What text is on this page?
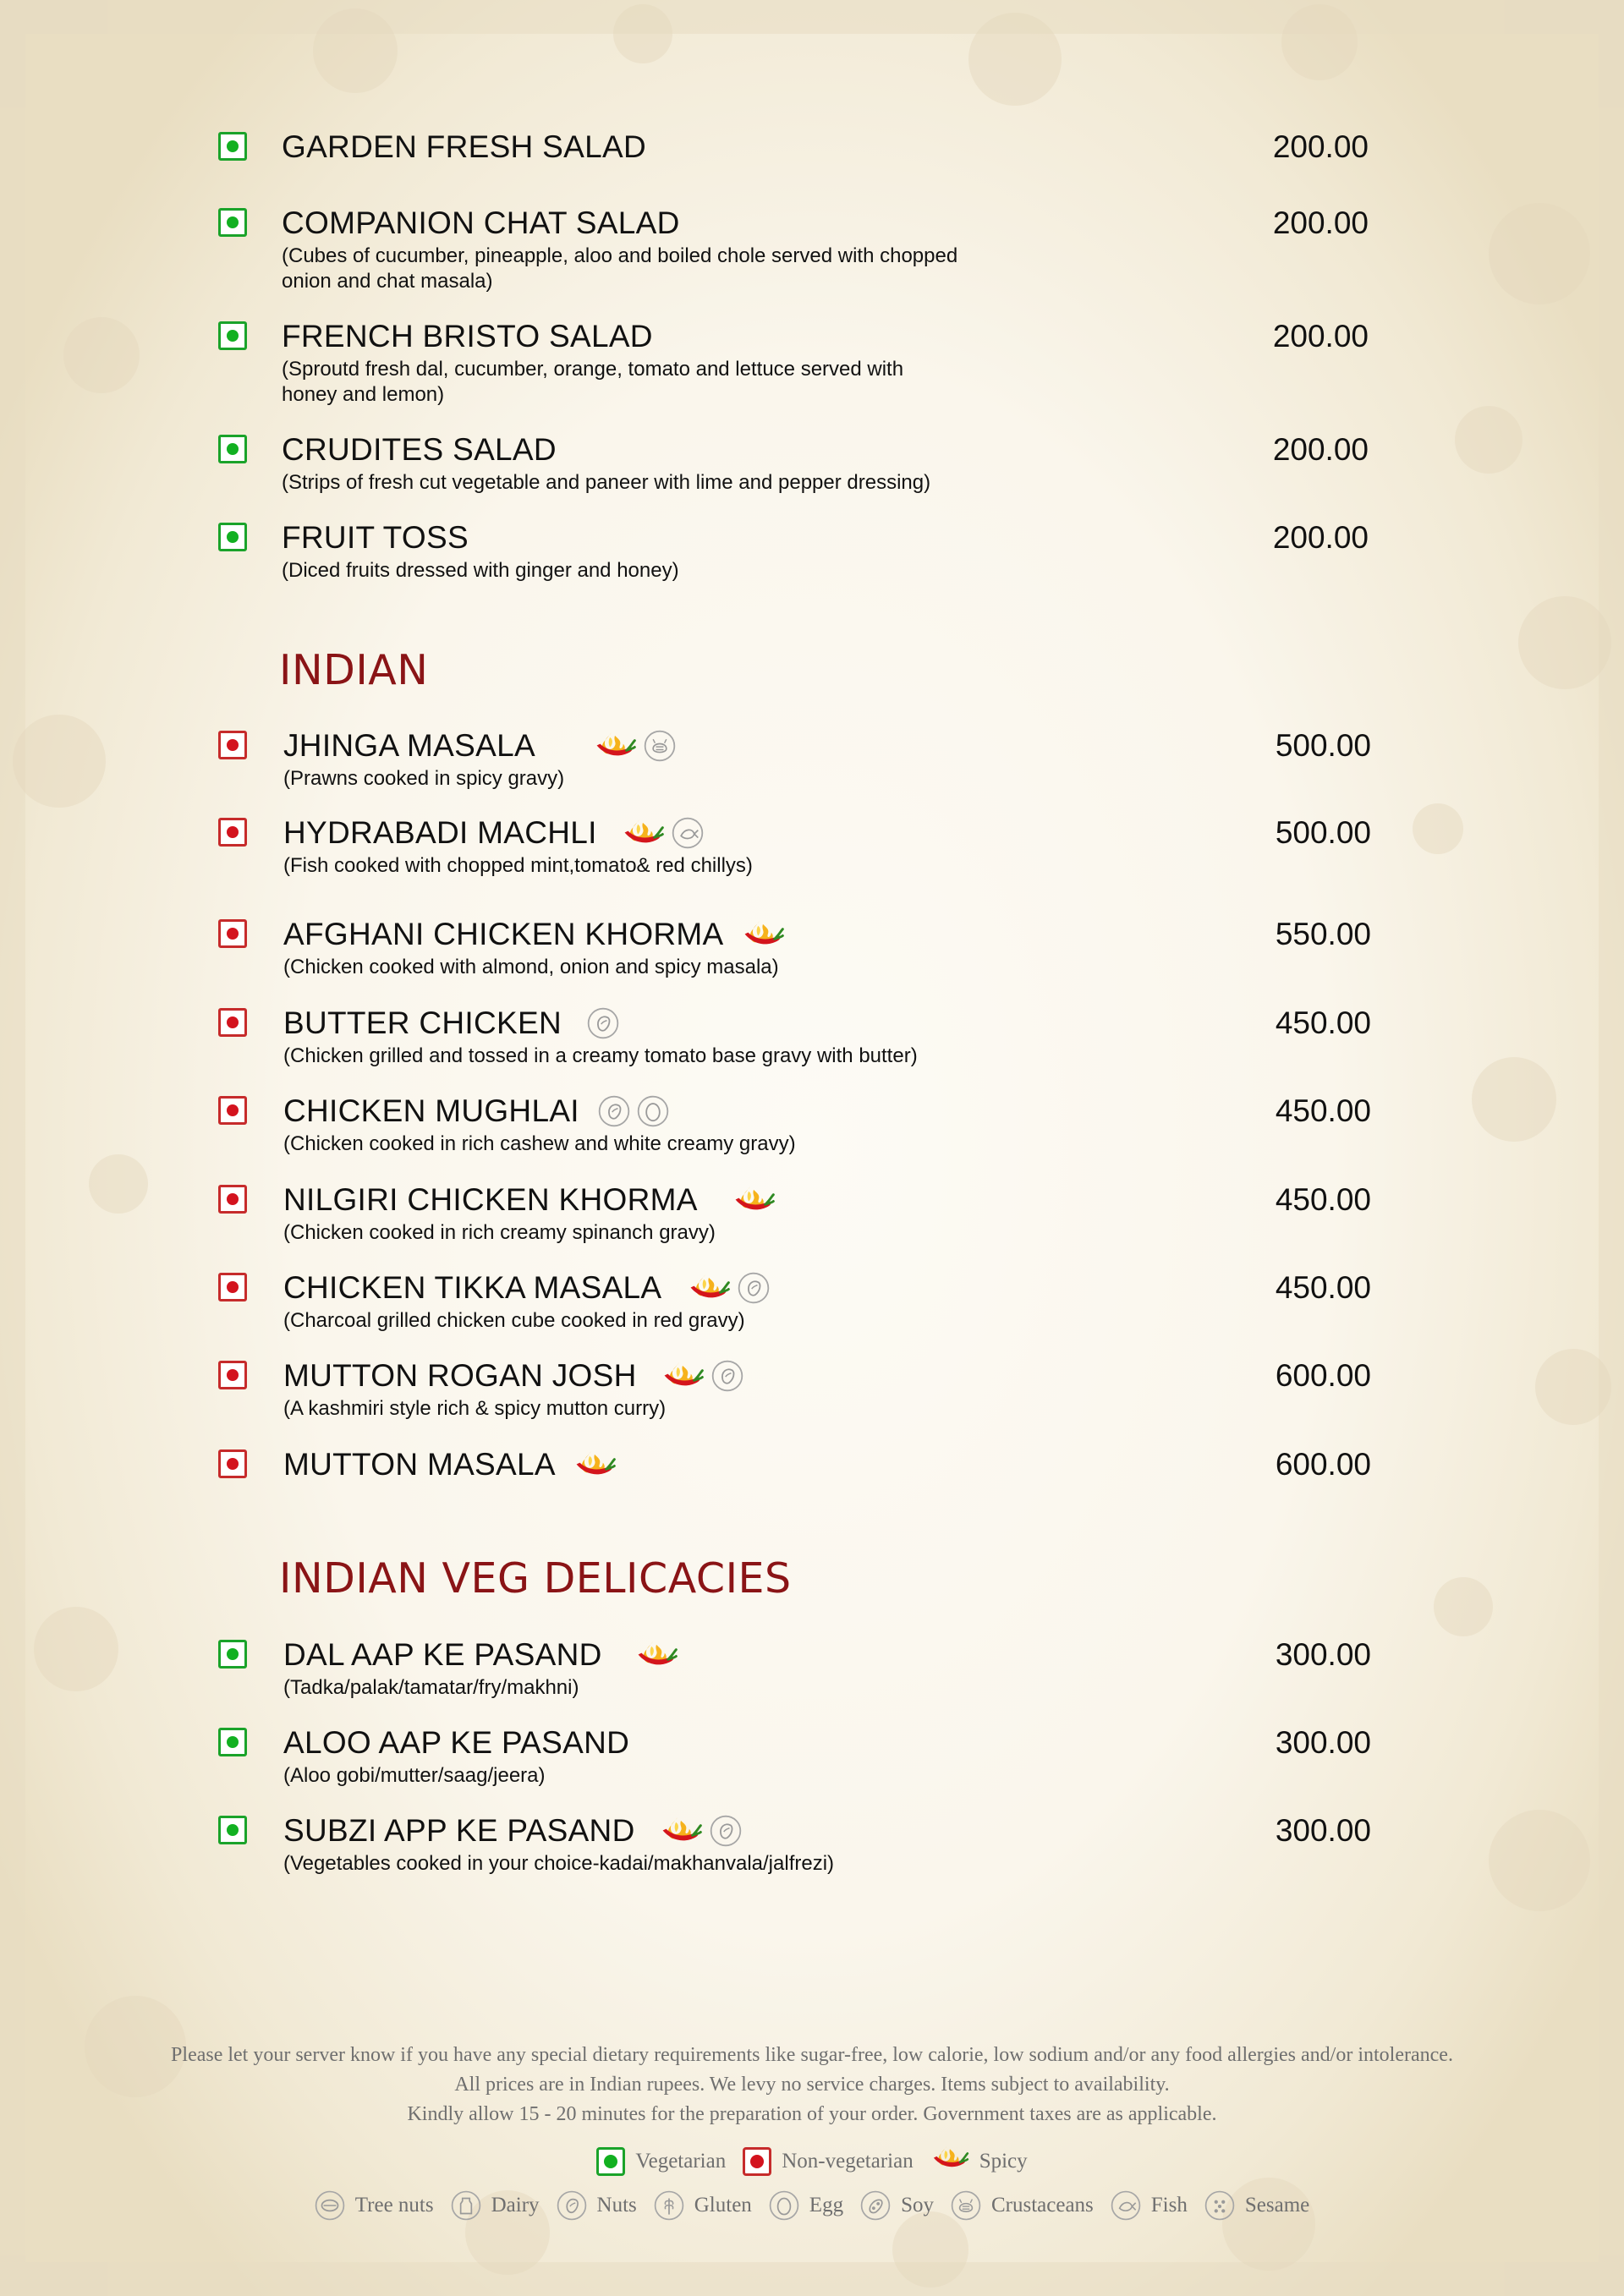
GARDEN FRESH SALAD	200.00
COMPANION CHAT SALAD
(Cubes of cucumber, pineapple, aloo and boiled chole served with chopped onion and chat masala)
200.00
FRENCH BRISTO SALAD
(Sproutd fresh dal, cucumber, orange, tomato and lettuce served with honey and lemon)
200.00
CRUDITES SALAD
(Strips of fresh cut vegetable and paneer with lime and pepper dressing)
200.00
FRUIT TOSS
(Diced fruits dressed with ginger and honey)
200.00
INDIAN
JHINGA MASALA
(Prawns cooked in spicy gravy)
500.00
HYDRABADI MACHLI
(Fish cooked with chopped mint,tomato& red chillys)
500.00
AFGHANI CHICKEN KHORMA
(Chicken cooked with almond, onion and spicy masala)
550.00
BUTTER CHICKEN
(Chicken grilled and tossed in a creamy tomato base gravy with butter)
450.00
CHICKEN MUGHLAI
(Chicken cooked in rich cashew and white creamy gravy)
450.00
NILGIRI CHICKEN KHORMA
(Chicken cooked in rich creamy spinanch gravy)
450.00
CHICKEN TIKKA MASALA
(Charcoal grilled chicken cube cooked in red gravy)
450.00
MUTTON ROGAN JOSH
(A kashmiri style rich & spicy mutton curry)
600.00
MUTTON MASALA	600.00
INDIAN VEG DELICACIES
DAL AAP KE PASAND
(Tadka/palak/tamatar/fry/makhni)
300.00
ALOO AAP KE PASAND
(Aloo gobi/mutter/saag/jeera)
300.00
SUBZI APP KE PASAND
(Vegetables cooked in your choice-kadai/makhanvala/jalfrezi)
300.00

Please let your server know if you have any special dietary requirements like sugar-free, low calorie, low sodium and/or any food allergies and/or intolerance.

All prices are in Indian rupees. We levy no service charges. Items subject to availability.

Kindly allow 15 - 20 minutes for the preparation of your order. Government taxes are as applicable.

Vegetarian	Non-vegetarian	Spicy
Tree nuts	Dairy	Nuts	Gluten	Egg	Soy	Crustaceans	Fish	Sesame
